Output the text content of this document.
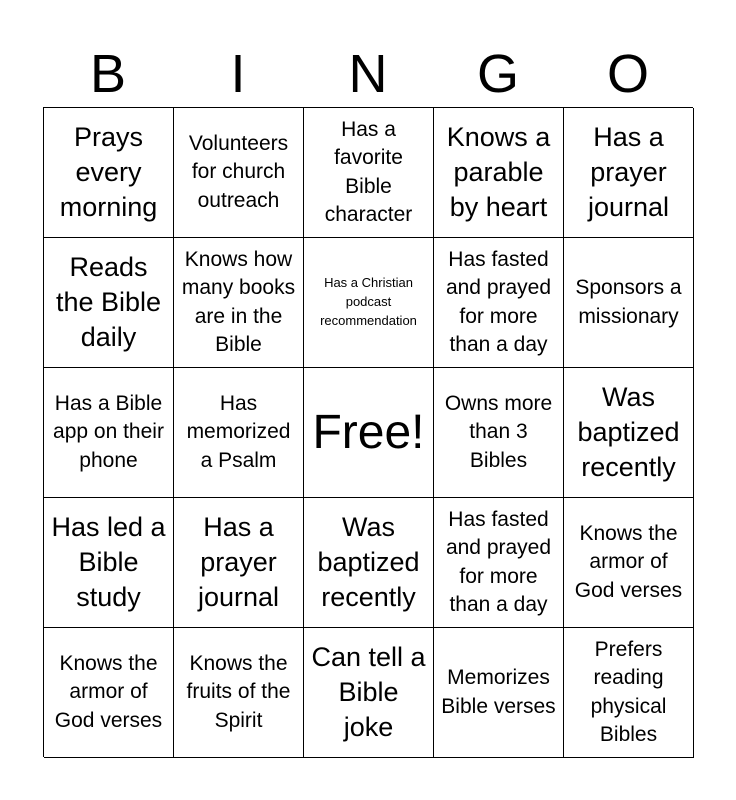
B	I	N	G	O
Prays every morning
Volunteers for church outreach
Has a favorite Bible character
Knows a parable by heart
Has a prayer journal
Reads the Bible daily
Knows how many books are in the Bible
Has a Christian podcast recommendation
Has fasted and prayed for more than a day
Sponsors a missionary
Has a Bible app on their phone
Has memorized a Psalm
Free!
Owns more than 3 Bibles
Was baptized recently
Has led a Bible study
Has a prayer journal
Was baptized recently
Has fasted and prayed for more than a day
Knows the armor of God verses
Knows the armor of God verses
Knows the fruits of the Spirit
Can tell a Bible joke
Memorizes Bible verses
Prefers reading physical Bibles
